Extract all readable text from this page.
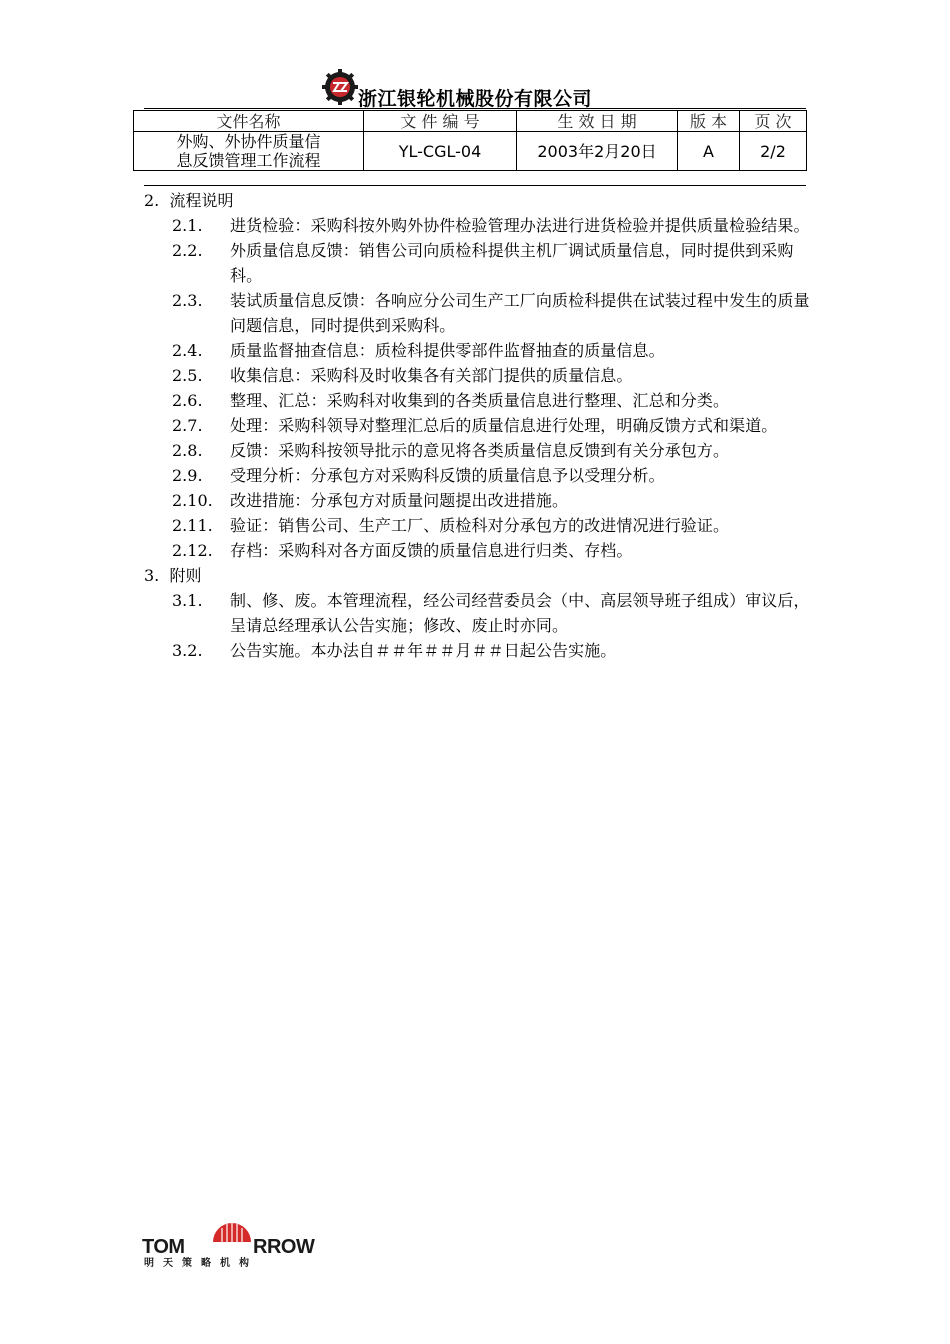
浙江银轮机械股份有限公司
文件名称	文 件 编 号	生 效 日 期	版 本	页 次

外购、外协件质量信
息反馈管理工作流程	YL-CGL-04	2003年2月20日	A	2/2
2. 流程说明
2.1.	进货检验：采购科按外购外协件检验管理办法进行进货检验并提供质量检验结果。
2.2.	外质量信息反馈：销售公司向质检科提供主机厂调试质量信息，同时提供到采购科。
2.3.	装试质量信息反馈：各响应分公司生产工厂向质检科提供在试装过程中发生的质量问题信息，同时提供到采购科。
2.4.	质量监督抽查信息：质检科提供零部件监督抽查的质量信息。
2.5.	收集信息：采购科及时收集各有关部门提供的质量信息。
2.6.	整理、汇总：采购科对收集到的各类质量信息进行整理、汇总和分类。
2.7.	处理：采购科领导对整理汇总后的质量信息进行处理，明确反馈方式和渠道。
2.8.	反馈：采购科按领导批示的意见将各类质量信息反馈到有关分承包方。
2.9.	受理分析：分承包方对采购科反馈的质量信息予以受理分析。
2.10.	改进措施：分承包方对质量问题提出改进措施。
2.11.	验证：销售公司、生产工厂、质检科对分承包方的改进情况进行验证。
2.12.	存档：采购科对各方面反馈的质量信息进行归类、存档。
3. 附则
3.1.	制、修、废。本管理流程，经公司经营委员会（中、高层领导班子组成）审议后，呈请总经理承认公告实施；修改、废止时亦同。
3.2.	公告实施。本办法自＃＃年＃＃月＃＃日起公告实施。
TOM	RROW
明天策略机构
